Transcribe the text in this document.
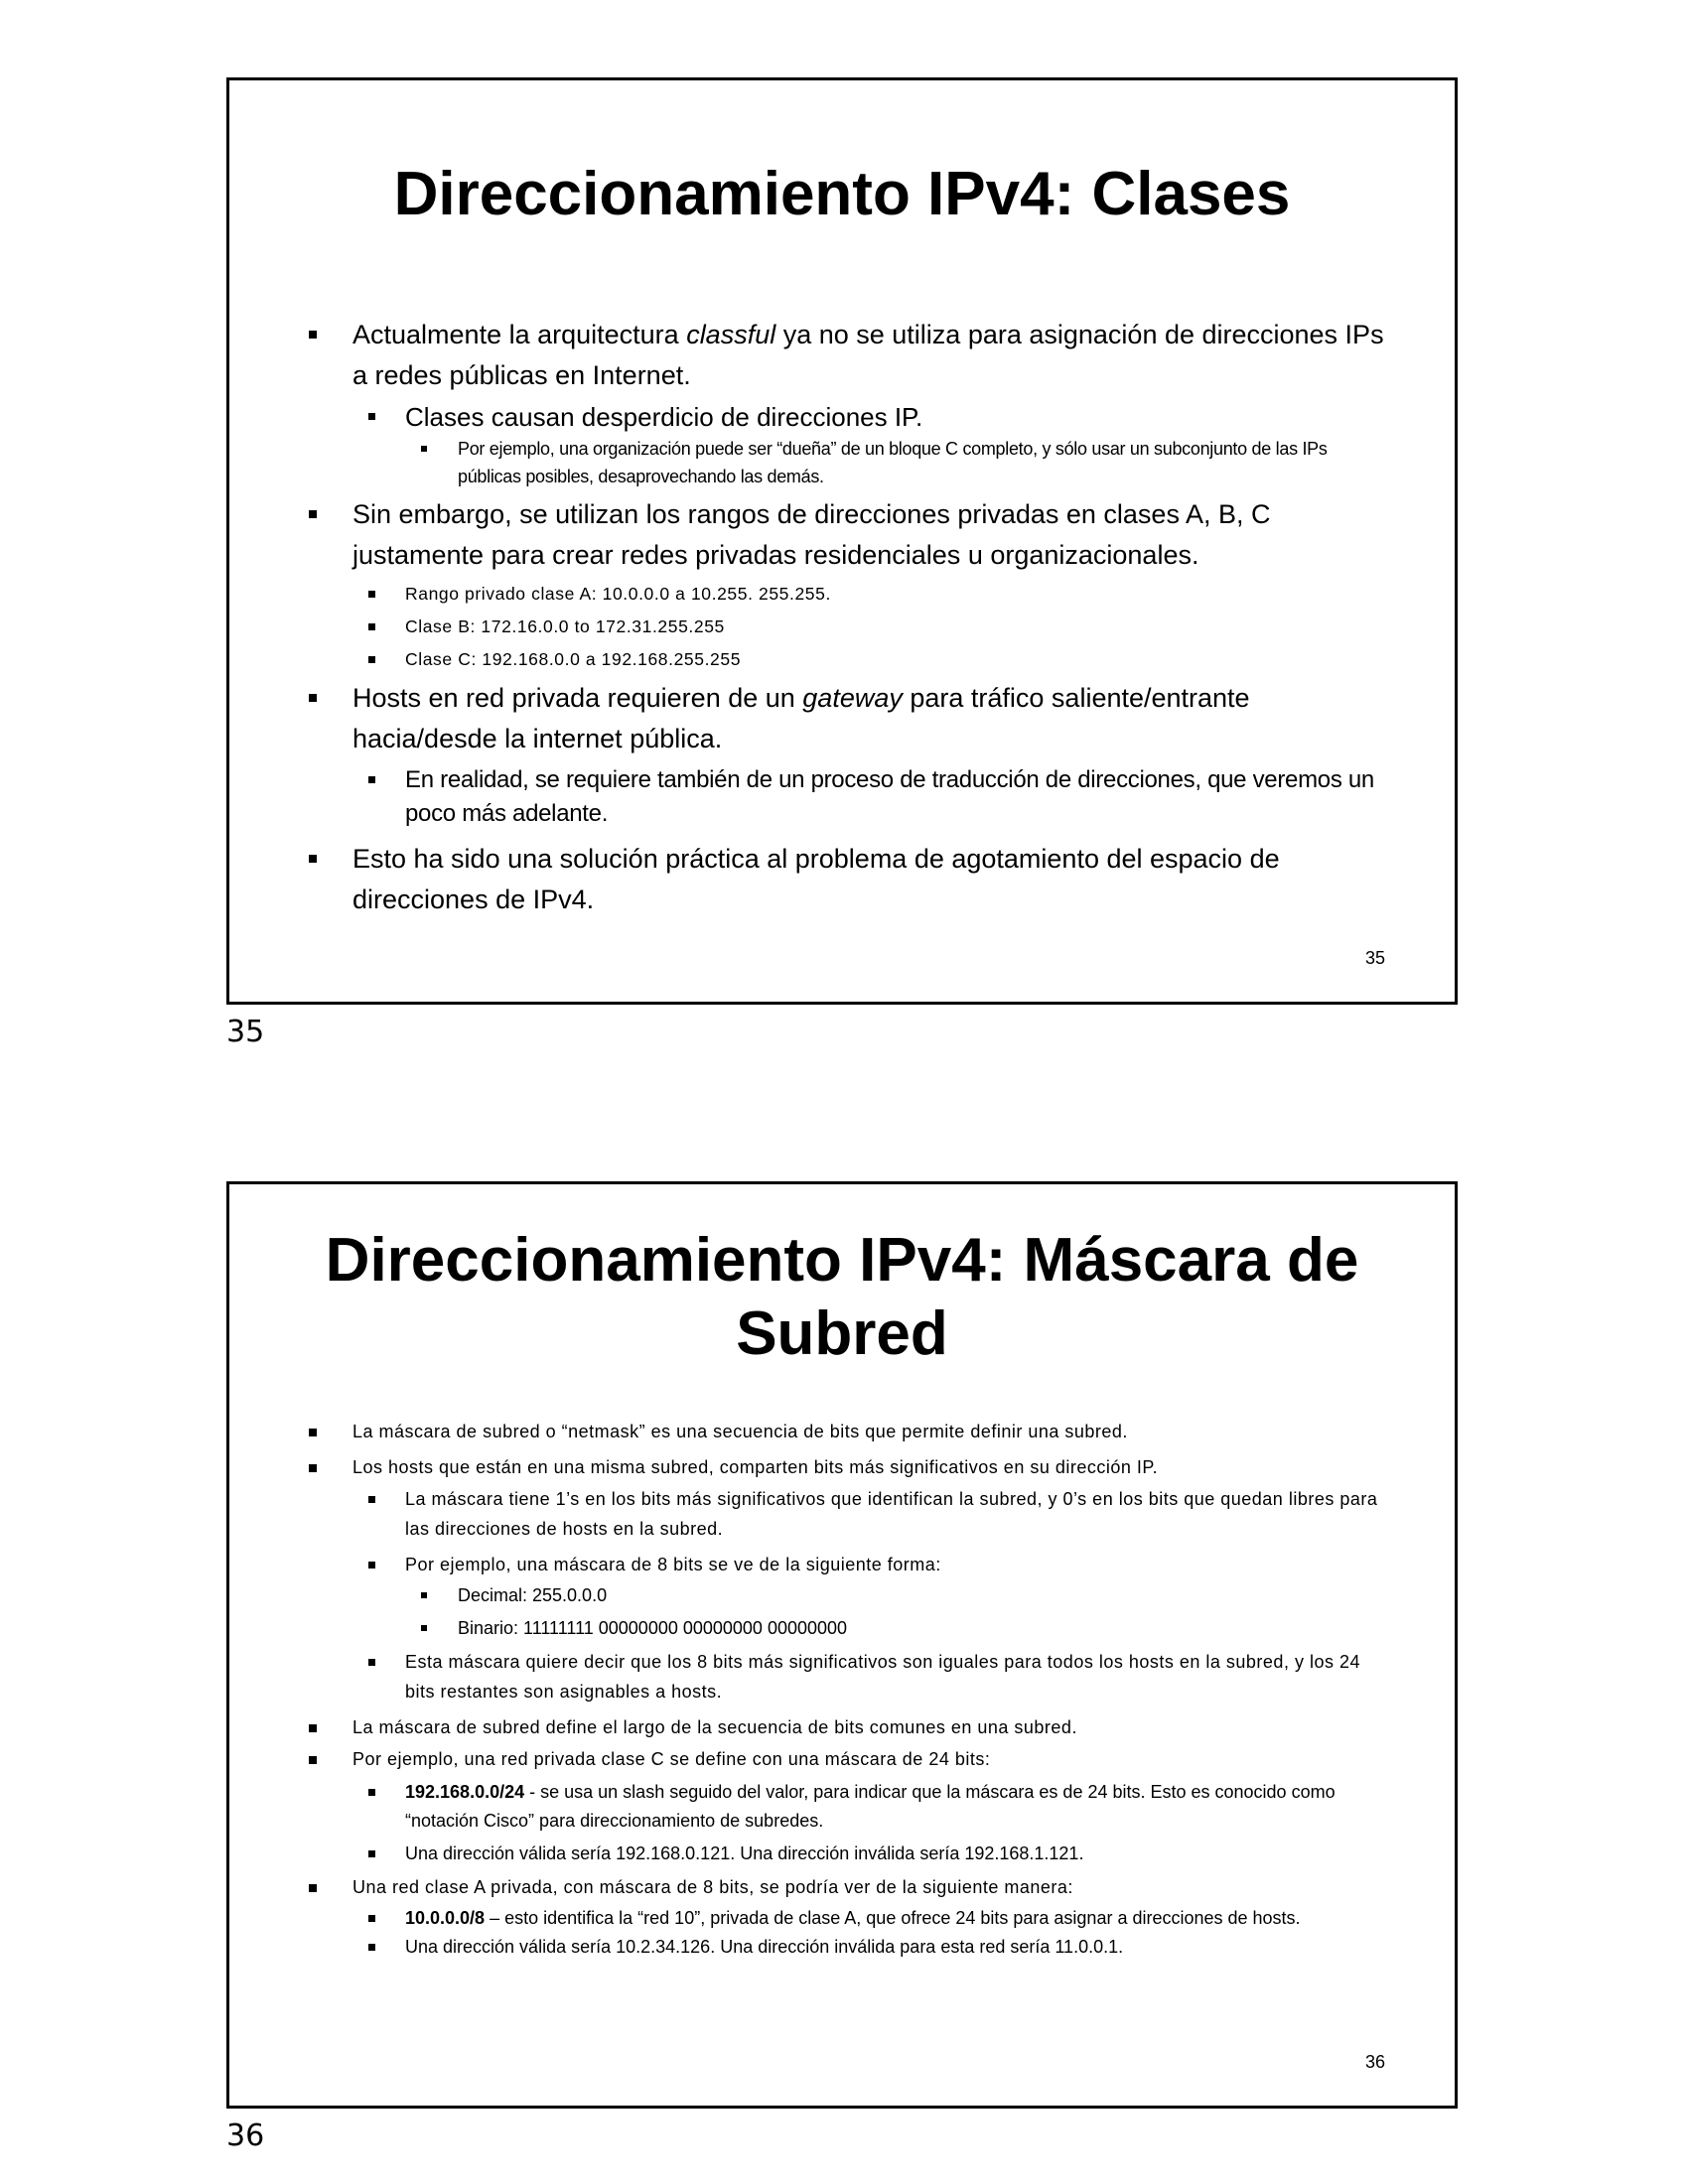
Direccionamiento IPv4: Clases

Actualmente la arquitectura classful ya no se utiliza para asignación de direcciones IPs a redes públicas en Internet.

Clases causan desperdicio de direcciones IP.

Por ejemplo, una organización puede ser “dueña” de un bloque C completo, y sólo usar un subconjunto de las IPs públicas posibles, desaprovechando las demás.

Sin embargo, se utilizan los rangos de direcciones privadas en clases A, B, C justamente para crear redes privadas residenciales u organizacionales.

Rango privado clase A: 10.0.0.0 a 10.255. 255.255.

Clase B: 172.16.0.0 to 172.31.255.255

Clase C: 192.168.0.0 a 192.168.255.255

Hosts en red privada requieren de un gateway para tráfico saliente/entrante hacia/desde la internet pública.

En realidad, se requiere también de un proceso de traducción de direcciones, que veremos un poco más adelante.

Esto ha sido una solución práctica al problema de agotamiento del espacio de direcciones de IPv4.

35
35
Direccionamiento IPv4: Máscara de
Subred

La máscara de subred o “netmask” es una secuencia de bits que permite definir una subred.

Los hosts que están en una misma subred, comparten bits más significativos en su dirección IP.

La máscara tiene 1’s en los bits más significativos que identifican la subred, y 0’s en los bits que quedan libres para las direcciones de hosts en la subred.

Por ejemplo, una máscara de 8 bits se ve de la siguiente forma:

Decimal: 255.0.0.0

Binario: 11111111 00000000 00000000 00000000

Esta máscara quiere decir que los 8 bits más significativos son iguales para todos los hosts en la subred, y los 24 bits restantes son asignables a hosts.

La máscara de subred define el largo de la secuencia de bits comunes en una subred.

Por ejemplo, una red privada clase C se define con una máscara de 24 bits:

192.168.0.0/24 - se usa un slash seguido del valor, para indicar que la máscara es de 24 bits. Esto es conocido como “notación Cisco” para direccionamiento de subredes.

Una dirección válida sería 192.168.0.121. Una dirección inválida sería 192.168.1.121.

Una red clase A privada, con máscara de 8 bits, se podría ver de la siguiente manera:

10.0.0.0/8 – esto identifica la “red 10”, privada de clase A, que ofrece 24 bits para asignar a direcciones de hosts.

Una dirección válida sería 10.2.34.126. Una dirección inválida para esta red sería 11.0.0.1.

36
36
